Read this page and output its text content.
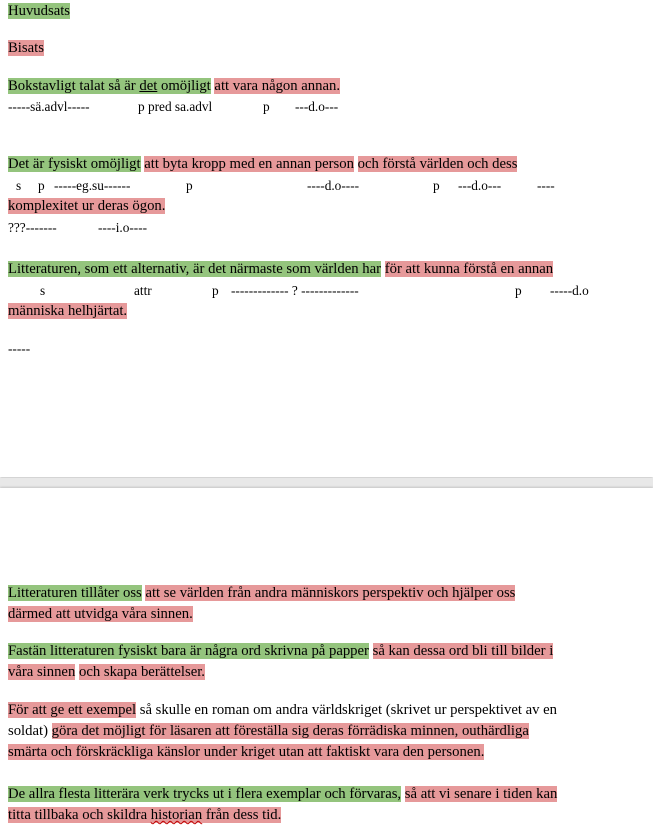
Huvudsats
Bisats
Bokstavligt talat så är det omöjligt att vara någon annan.
-----sä.advl-----	p pred sa.advl	p ---d.o---
Det är fysiskt omöjligt att byta kropp med en annan person och förstå världen och dess
s p -----eg.su------	p	----d.o----	p ---d.o---	----
komplexitet ur deras ögon.
???-------	----i.o----
Litteraturen, som ett alternativ, är det närmaste som världen har för att kunna förstå en annan
s	attr	p ------------- ? -------------	p -----d.o
människa helhjärtat.
-----
Litteraturen tillåter oss att se världen från andra människors perspektiv och hjälper oss
därmed att utvidga våra sinnen.
Fastän litteraturen fysiskt bara är några ord skrivna på papper så kan dessa ord bli till bilder i
våra sinnen och skapa berättelser.
För att ge ett exempel så skulle en roman om andra världskriget (skrivet ur perspektivet av en
soldat) göra det möjligt för läsaren att föreställa sig deras förrädiska minnen, outhärdliga
smärta och förskräckliga känslor under kriget utan att faktiskt vara den personen.
De allra flesta litterära verk trycks ut i flera exemplar och förvaras, så att vi senare i tiden kan
titta tillbaka och skildra historian från dess tid.
